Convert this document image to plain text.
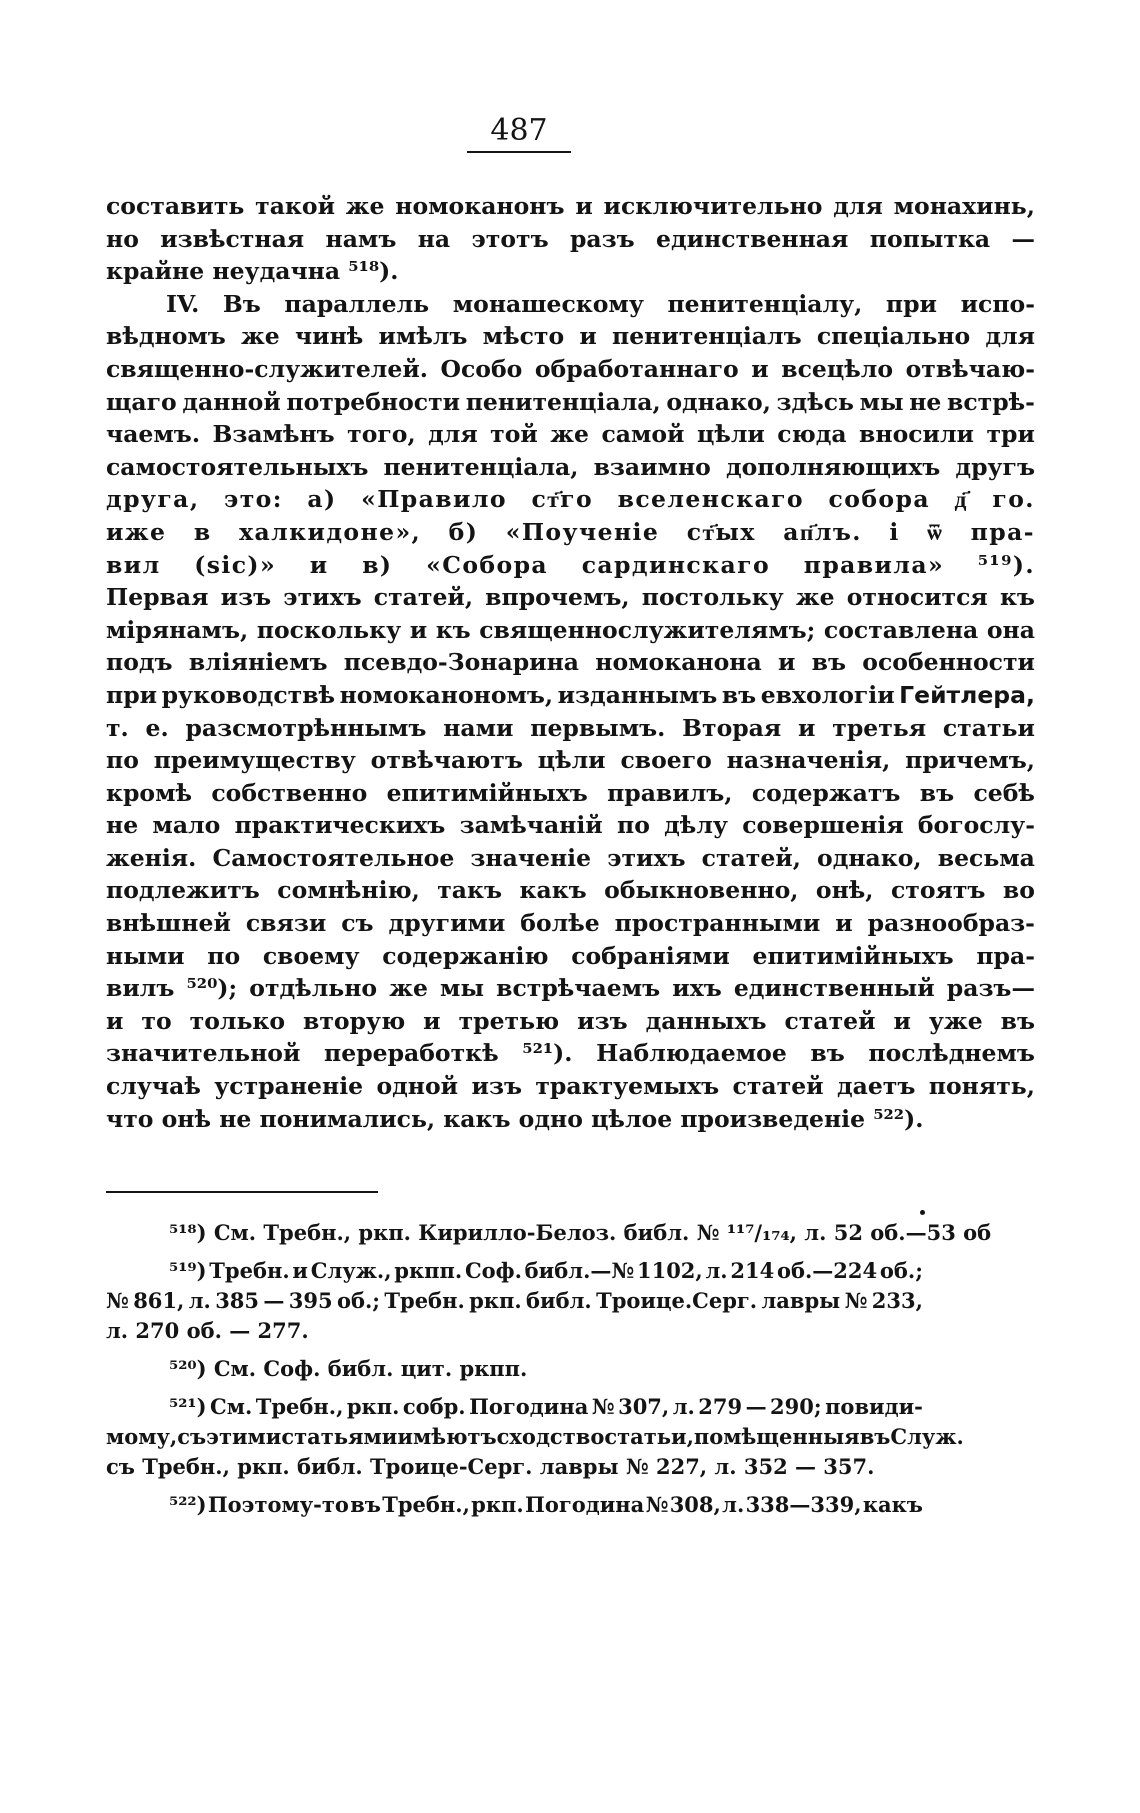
487
составить такой же номоканонъ и исключительно для монахинь,
но извѣстная намъ на этотъ разъ единственная попытка —
крайне неудачна ⁵¹⁸).
IV. Въ параллель монашескому пенитенціалу, при испо-
вѣдномъ же чинѣ имѣлъ мѣсто и пенитенціалъ спеціально для
священно-служителей. Особо обработаннаго и всецѣло отвѣчаю-
щаго данной потребности пенитенціала, однако, здѣсь мы не встрѣ-
чаемъ. Взамѣнъ того, для той же самой цѣли сюда вносили три
самостоятельныхъ пенитенціала, взаимно дополняющихъ другъ
друга, это: а) «Правило ст҃го вселенскаго собора д҃ го.
иже в халкидоне», б) «Поученіе ст҃ых ап҃лъ. і ѿ пра-
вил (sic)» и в) «Собора сардинскаго правила» ⁵¹⁹).
Первая изъ этихъ статей, впрочемъ, постольку же относится къ
мірянамъ, поскольку и къ священнослужителямъ; составлена она
подъ вліяніемъ псевдо-Зонарина номоканона и въ особенности
при руководствѣ номоканономъ, изданнымъ въ евхологіи Гейтлера,
т. е. разсмотрѣннымъ нами первымъ. Вторая и третья статьи
по преимуществу отвѣчаютъ цѣли своего назначенія, причемъ,
кромѣ собственно епитимійныхъ правилъ, содержатъ въ себѣ
не мало практическихъ замѣчаній по дѣлу совершенія богослу-
женія. Самостоятельное значеніе этихъ статей, однако, весьма
подлежитъ сомнѣнію, такъ какъ обыкновенно, онѣ, стоятъ во
внѣшней связи съ другими болѣе пространными и разнообраз-
ными по своему содержанію собраніями епитимійныхъ пра-
вилъ ⁵²⁰); отдѣльно же мы встрѣчаемъ ихъ единственный разъ—
и то только вторую и третью изъ данныхъ статей и уже въ
значительной переработкѣ ⁵²¹). Наблюдаемое въ послѣднемъ
случаѣ устраненіе одной изъ трактуемыхъ статей даетъ понять,
что онѣ не понимались, какъ одно цѣлое произведеніе ⁵²²).
⁵¹⁸) См. Требн., ркп. Кирилло-Белоз. библ. № ¹¹⁷/₁₇₄, л. 52 об.—53 об
⁵¹⁹) Требн. и Служ., ркпп. Соф. библ.—№ 1102, л. 214 об.—224 об.;
№ 861, л. 385 — 395 об.; Требн. ркп. библ. Троице.Серг. лавры № 233,
л. 270 об. — 277.
⁵²⁰) См. Соф. библ. цит. ркпп.
⁵²¹) См. Требн., ркп. собр. Погодина № 307, л. 279 — 290; повиди-
мому, съ этими статьями имѣютъ сходство статьи, помѣщенныя въ Служ.
съ Требн., ркп. библ. Троице-Серг. лавры № 227, л. 352 — 357.
⁵²²) Поэтому-то въ Требн., ркп. Погодина № 308, л. 338—339, какъ
